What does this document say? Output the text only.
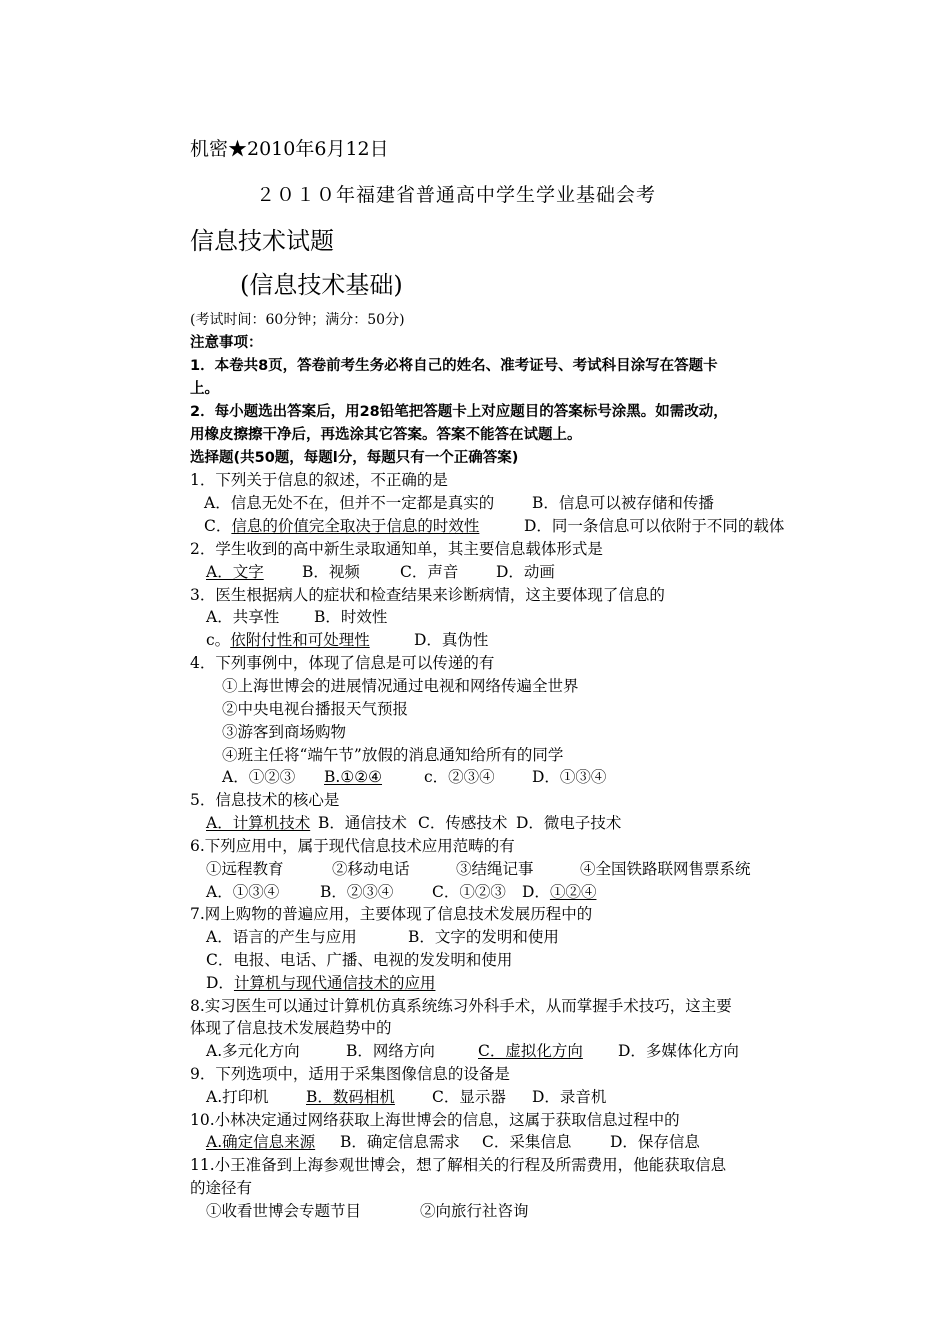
机密★2010年6月12日
２０１０年福建省普通高中学生学业基础会考
信息技术试题
(信息技术基础)
(考试时间：60分钟；满分：50分)
注意事项：
1．本卷共8页，答卷前考生务必将自己的姓名、准考证号、考试科目涂写在答题卡
上。
2．每小题选出答案后，用28铅笔把答题卡上对应题目的答案标号涂黑。如需改动，
用橡皮擦擦干净后，再选涂其它答案。答案不能答在试题上。
选择题(共50题，每题l分，每题只有一个正确答案)
1．下列关于信息的叙述，不正确的是
A．信息无处不在，但并不一定都是真实的 B．信息可以被存储和传播
C．信息的价值完全取决于信息的时效性	D．同一条信息可以依附于不同的载体
2．学生收到的高中新生录取通知单，其主要信息载体形式是
A．文字 B．视频	C．声音 D．动画
3．医生根据病人的症状和检查结果来诊断病情，这主要体现了信息的
A．共享性 B．时效性
c。依附付性和可处理性	D．真伪性
4．下列事例中，体现了信息是可以传递的有
①上海世博会的进展情况通过电视和网络传遍全世界
②中央电视台播报天气预报
③游客到商场购物
④班主任将“端午节”放假的消息通知给所有的同学
A．①②③ B.①②④	c．②③④ D．①③④
5．信息技术的核心是
A．计算机技术 B．通信技术 C．传感技术 D．微电子技术
6.下列应用中，属于现代信息技术应用范畴的有
①远程教育	②移动电话	③结绳记事	④全国铁路联网售票系统
A．①③④	B．②③④ C．①②③ D．①②④
7.网上购物的普遍应用，主要体现了信息技术发展历程中的
A．语言的产生与应用	B．文字的发明和使用
C．电报、电话、广播、电视的发发明和使用
D．计算机与现代通信技术的应用
8.实习医生可以通过计算机仿真系统练习外科手术，从而掌握手术技巧，这主要
体现了信息技术发展趋势中的
A.多元化方向	B．网络方向	C．虚拟化方向 D．多媒体化方向
9．下列选项中，适用于采集图像信息的设备是
A.打印机 B．数码相机 C．显示器 D．录音机
10.小林决定通过网络获取上海世博会的信息，这属于获取信息过程中的
A.确定信息来源 B．确定信息需求 C．采集信息 D．保存信息
11.小王准备到上海参观世博会，想了解相关的行程及所需费用，他能获取信息
的途径有
①收看世博会专题节目	②向旅行社咨询
